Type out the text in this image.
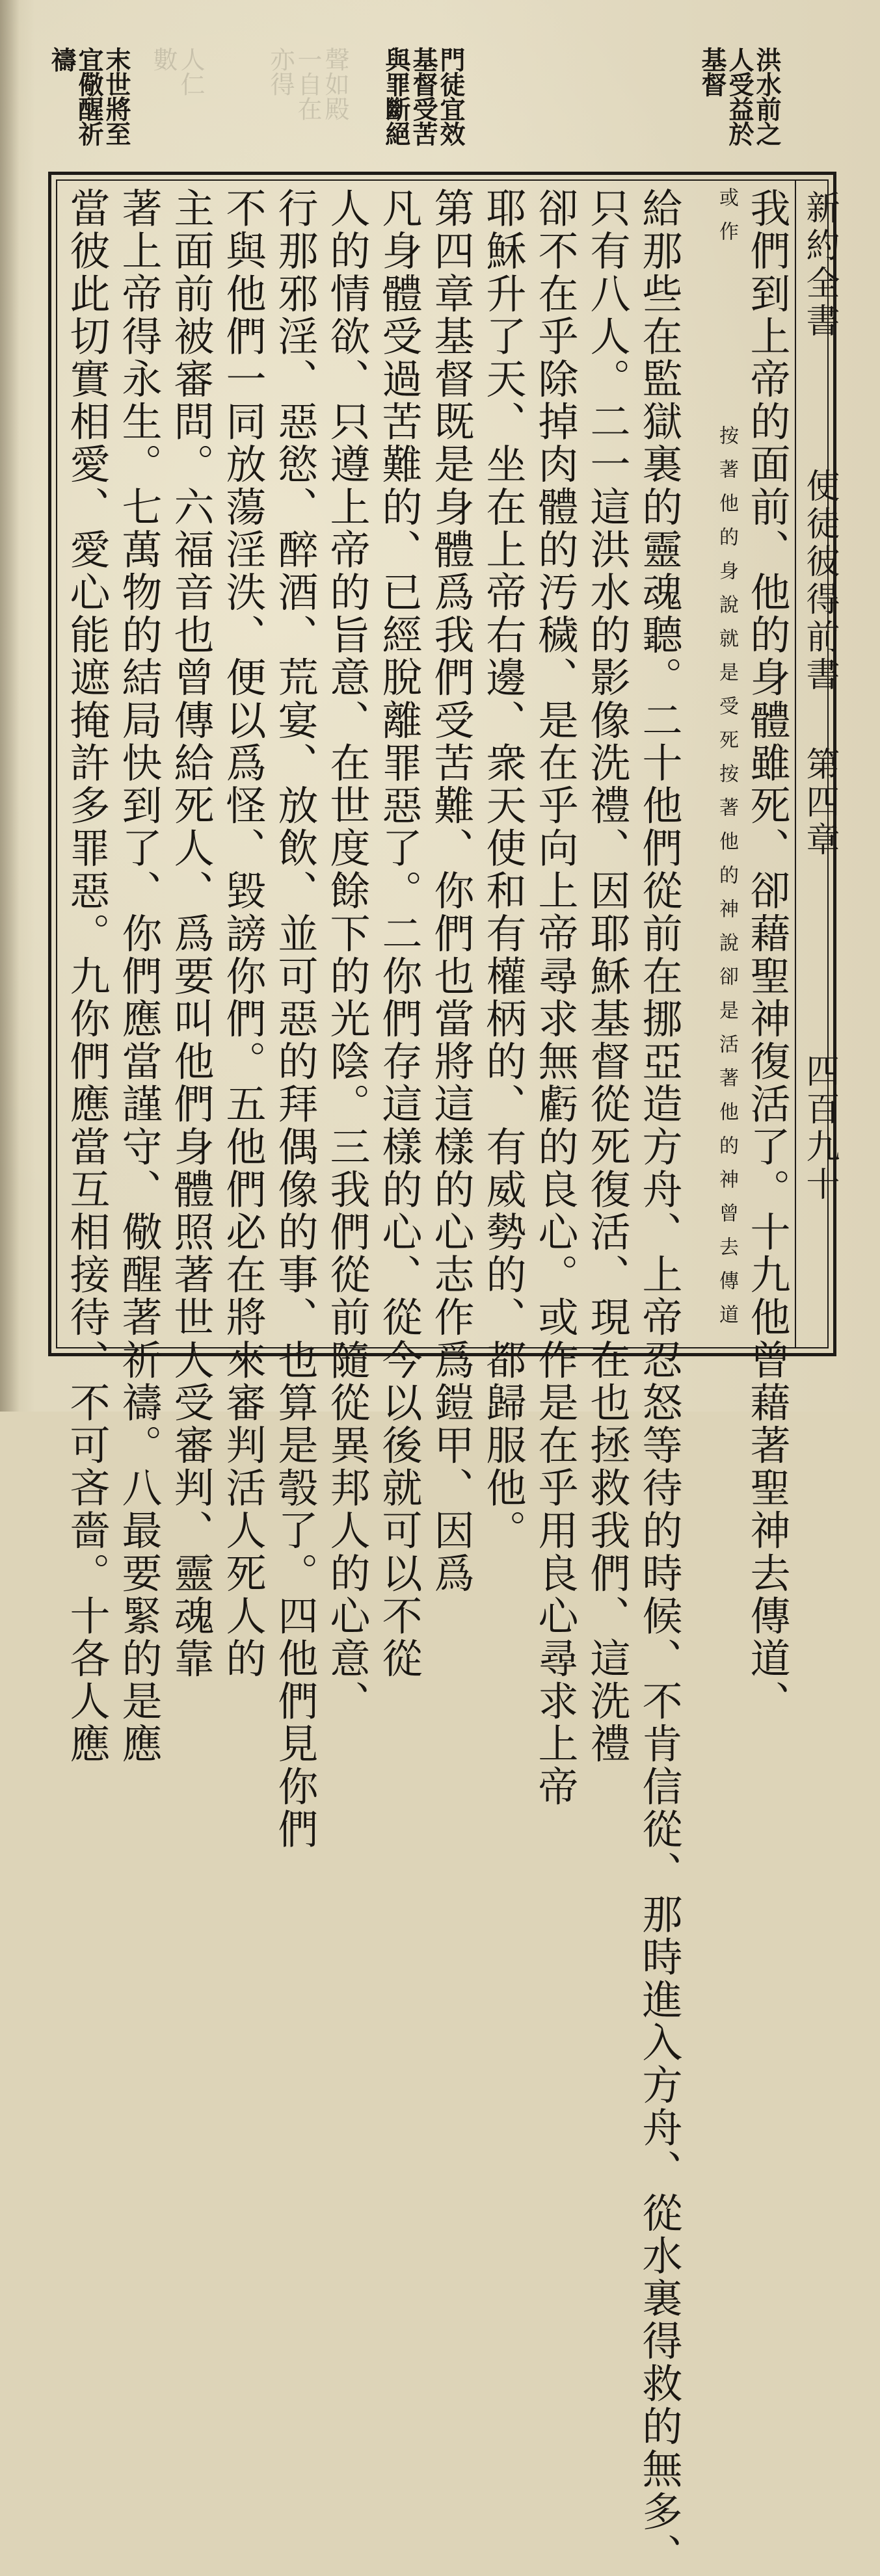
聲如殿
一自在
亦得
人仁
數	洪水前之
人受益於
基督
門徒宜效
基督受苦
與罪斷絕
末世將至
宜儆醒祈
禱
新約全書
使徒彼得前書
第四章
四百九十
我們到上帝的面前、他的身體雖死、卻藉聖神復活了。十九他曾藉著聖神去傳道、
或作
按著他的身說就是受死按著他的
神說卻是活著他的神曾去傳道
給那些在監獄裏的靈魂聽。二十他們從前在挪亞造方舟、上帝忍怒等待的時候、不肯信從、那時進入方舟、從水裏得救的無多、
只有八人。二一這洪水的影像洗禮、因耶穌基督從死復活、現在也拯救我們、這洗禮
卻不在乎除掉肉體的汚穢、是在乎向上帝尋求無虧的良心。或作是在乎用良心尋求上帝
耶穌升了天、坐在上帝右邊、衆天使和有權柄的、有威勢的、都歸服他。
第四章基督既是身體爲我們受苦難、你們也當將這樣的心志作爲鎧甲、因爲
凡身體受過苦難的、已經脫離罪惡了。二你們存這樣的心、從今以後就可以不從
人的情欲、只遵上帝的旨意、在世度餘下的光陰。三我們從前隨從異邦人的心意、
行那邪淫、惡慾、醉酒、荒宴、放飲、並可惡的拜偶像的事、也算是彀了。四他們見你們
不與他們一同放蕩淫泆、便以爲怪、毀謗你們。五他們必在將來審判活人死人的
主面前被審問。六福音也曾傳給死人、爲要叫他們身體照著世人受審判、靈魂靠
著上帝得永生。七萬物的結局快到了、你們應當謹守、儆醒著祈禱。八最要緊的是應
當彼此切實相愛、愛心能遮掩許多罪惡。九你們應當互相接待、不可吝嗇。十各人應
